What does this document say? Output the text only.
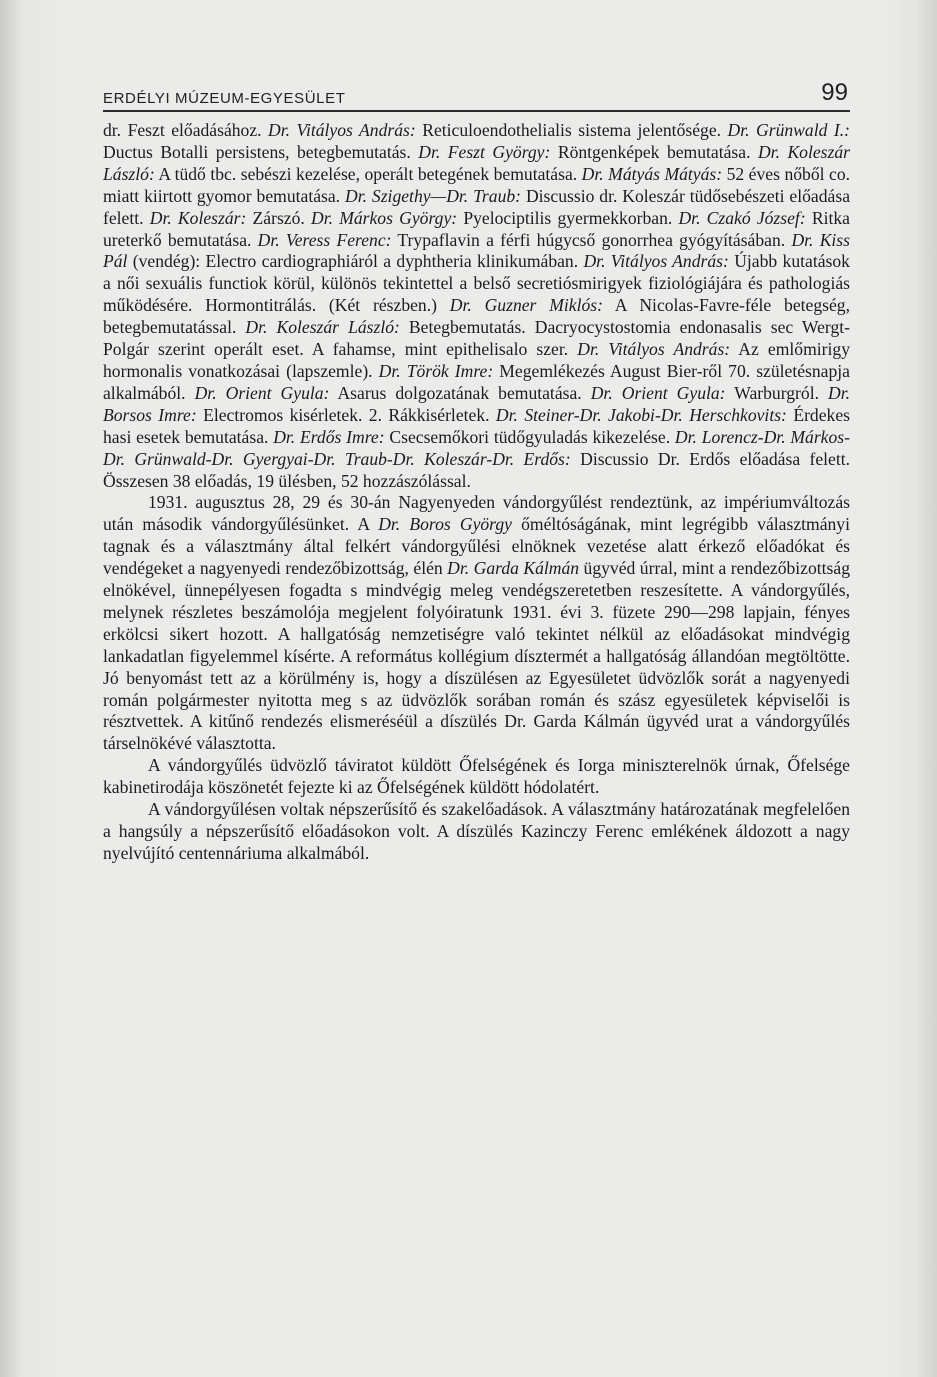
ERDÉLYI MÚZEUM-EGYESÜLET	99

dr. Feszt előadásához. Dr. Vitályos András: Reticuloendothelialis sistema jelentősége. Dr. Grünwald I.: Ductus Botalli persistens, betegbemutatás. Dr. Feszt György: Röntgenképek bemutatása. Dr. Koleszár László: A tüdő tbc. sebészi kezelése, operált betegének bemutatása. Dr. Mátyás Mátyás: 52 éves nőből co. miatt kiirtott gyomor bemutatása. Dr. Szigethy—Dr. Traub: Discussio dr. Koleszár tüdősebészeti előadása felett. Dr. Koleszár: Zárszó. Dr. Márkos György: Pyelociptilis gyermekkorban. Dr. Czakó József: Ritka ureterkő bemutatása. Dr. Veress Ferenc: Trypaflavin a férfi húgycső gonorrhea gyógyításában. Dr. Kiss Pál (vendég): Electro cardiographiáról a dyphtheria klinikumában. Dr. Vitályos András: Újabb kutatások a női sexuális functiok körül, különös tekintettel a belső secretiósmirigyek fiziológiájára és pathologiás működésére. Hormontitrálás. (Két részben.) Dr. Guzner Miklós: A Nicolas-Favre-féle betegség, betegbemutatással. Dr. Koleszár László: Betegbemutatás. Dacryocystostomia endonasalis sec Wergt-Polgár szerint operált eset. A fahamse, mint epithelisalo szer. Dr. Vitályos András: Az emlőmirigy hormonalis vonatkozásai (lapszemle). Dr. Török Imre: Megemlékezés August Bier-ről 70. születésnapja alkalmából. Dr. Orient Gyula: Asarus dolgozatának bemutatása. Dr. Orient Gyula: Warburgról. Dr. Borsos Imre: Electromos kisérletek. 2. Rákkisérletek. Dr. Steiner-Dr. Jakobi-Dr. Herschkovits: Érdekes hasi esetek bemutatása. Dr. Erdős Imre: Csecsemőkori tüdőgyuladás kikezelése. Dr. Lorencz-Dr. Márkos-Dr. Grünwald-Dr. Gyergyai-Dr. Traub-Dr. Koleszár-Dr. Erdős: Discussio Dr. Erdős előadása felett. Összesen 38 előadás, 19 ülésben, 52 hozzászólással.

1931. augusztus 28, 29 és 30-án Nagyenyeden vándorgyűlést rendeztünk, az impériumváltozás után második vándorgyűlésünket. A Dr. Boros György őméltóságának, mint legrégibb választmányi tagnak és a választmány által felkért vándorgyűlési elnöknek vezetése alatt érkező előadókat és vendégeket a nagyenyedi rendezőbizottság, élén Dr. Garda Kálmán ügyvéd úrral, mint a rendezőbizottság elnökével, ünnepélyesen fogadta s mindvégig meleg vendégszeretetben reszesítette. A vándorgyűlés, melynek részletes beszámolója megjelent folyóiratunk 1931. évi 3. füzete 290—298 lapjain, fényes erkölcsi sikert hozott. A hallgatóság nemzetiségre való tekintet nélkül az előadásokat mindvégig lankadatlan figyelemmel kísérte. A református kollégium dísztermét a hallgatóság állandóan megtöltötte. Jó benyomást tett az a körülmény is, hogy a díszülésen az Egyesületet üdvözlők sorát a nagyenyedi román polgármester nyitotta meg s az üdvözlők sorában román és szász egyesületek képviselői is résztvettek. A kitűnő rendezés elismeréséül a díszülés Dr. Garda Kálmán ügyvéd urat a vándorgyűlés társelnökévé választotta.

A vándorgyűlés üdvözlő táviratot küldött Őfelségének és Iorga miniszterelnök úrnak, Őfelsége kabinetirodája köszönetét fejezte ki az Őfelségének küldött hódolatért.

A vándorgyűlésen voltak népszerűsítő és szakelőadások. A választmány határozatának megfelelően a hangsúly a népszerűsítő előadásokon volt. A díszülés Kazinczy Ferenc emlékének áldozott a nagy nyelvújító centennáriuma alkalmából.
